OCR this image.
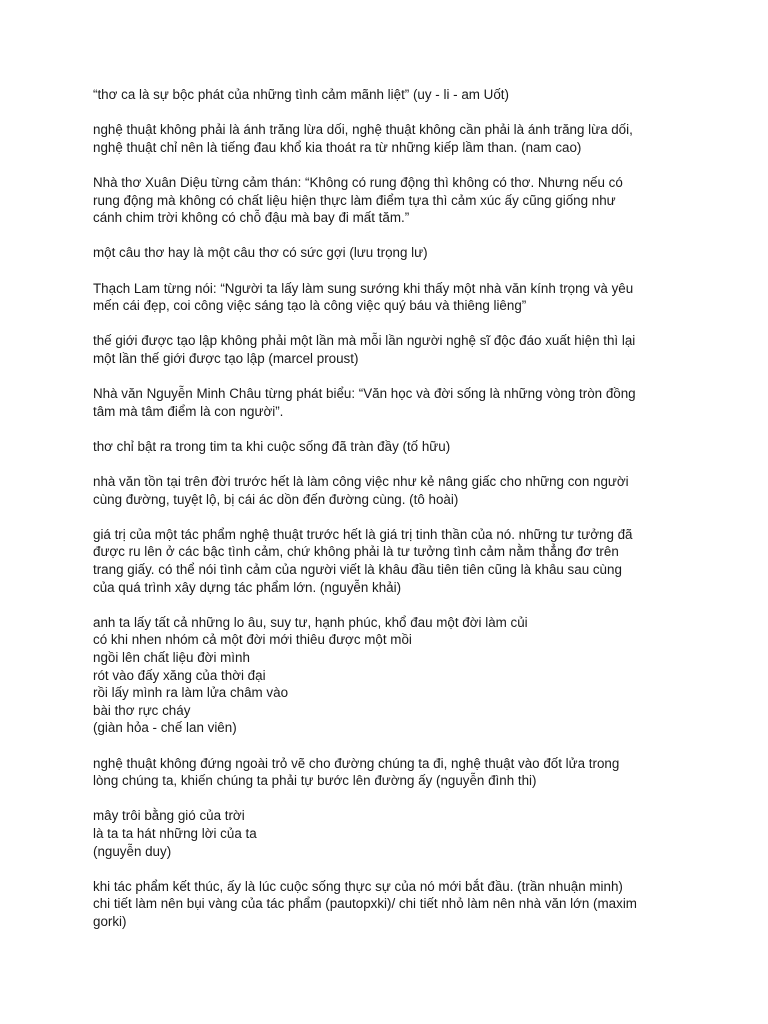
“thơ ca là sự bộc phát của những tình cảm mãnh liệt” (uy - li - am Uốt)

nghệ thuật không phải là ánh trăng lừa dối, nghệ thuật không cần phải là ánh trăng lừa dối,
nghệ thuật chỉ nên là tiếng đau khổ kia thoát ra từ những kiếp lầm than. (nam cao)

Nhà thơ Xuân Diệu từng cảm thán: “Không có rung động thì không có thơ. Nhưng nếu có
rung động mà không có chất liệu hiện thực làm điểm tựa thì cảm xúc ấy cũng giống như
cánh chim trời không có chỗ đậu mà bay đi mất tăm.”

một câu thơ hay là một câu thơ có sức gợi (lưu trọng lư)

Thạch Lam từng nói: “Người ta lấy làm sung sướng khi thấy một nhà văn kính trọng và yêu
mến cái đẹp, coi công việc sáng tạo là công việc quý báu và thiêng liêng”

thế giới được tạo lập không phải một lần mà mỗi lần người nghệ sĩ độc đáo xuất hiện thì lại
một lần thế giới được tạo lập (marcel proust)

Nhà văn Nguyễn Minh Châu từng phát biểu: “Văn học và đời sống là những vòng tròn đồng
tâm mà tâm điểm là con người”.

thơ chỉ bật ra trong tim ta khi cuộc sống đã tràn đầy (tố hữu)

nhà văn tồn tại trên đời trước hết là làm công việc như kẻ nâng giấc cho những con người
cùng đường, tuyệt lộ, bị cái ác dồn đến đường cùng. (tô hoài)

giá trị của một tác phẩm nghệ thuật trước hết là giá trị tinh thần của nó. những tư tưởng đã
được ru lên ở các bậc tình cảm, chứ không phải là tư tưởng tình cảm nằm thẳng đơ trên
trang giấy. có thể nói tình cảm của người viết là khâu đầu tiên tiên cũng là khâu sau cùng
của quá trình xây dựng tác phẩm lớn. (nguyễn khải)

anh ta lấy tất cả những lo âu, suy tư, hạnh phúc, khổ đau một đời làm củi
có khi nhen nhóm cả một đời mới thiêu được một mồi
ngồi lên chất liệu đời mình
rót vào đấy xăng của thời đại
rồi lấy mình ra làm lửa châm vào
bài thơ rực cháy
(giàn hỏa - chế lan viên)

nghệ thuật không đứng ngoài trỏ vẽ cho đường chúng ta đi, nghệ thuật vào đốt lửa trong
lòng chúng ta, khiến chúng ta phải tự bước lên đường ấy (nguyễn đình thi)

mây trôi bằng gió của trời
là ta ta hát những lời của ta
(nguyễn duy)

khi tác phẩm kết thúc, ấy là lúc cuộc sống thực sự của nó mới bắt đầu. (trần nhuận minh)
chi tiết làm nên bụi vàng của tác phẩm (pautopxki)/ chi tiết nhỏ làm nên nhà văn lớn (maxim
gorki)
